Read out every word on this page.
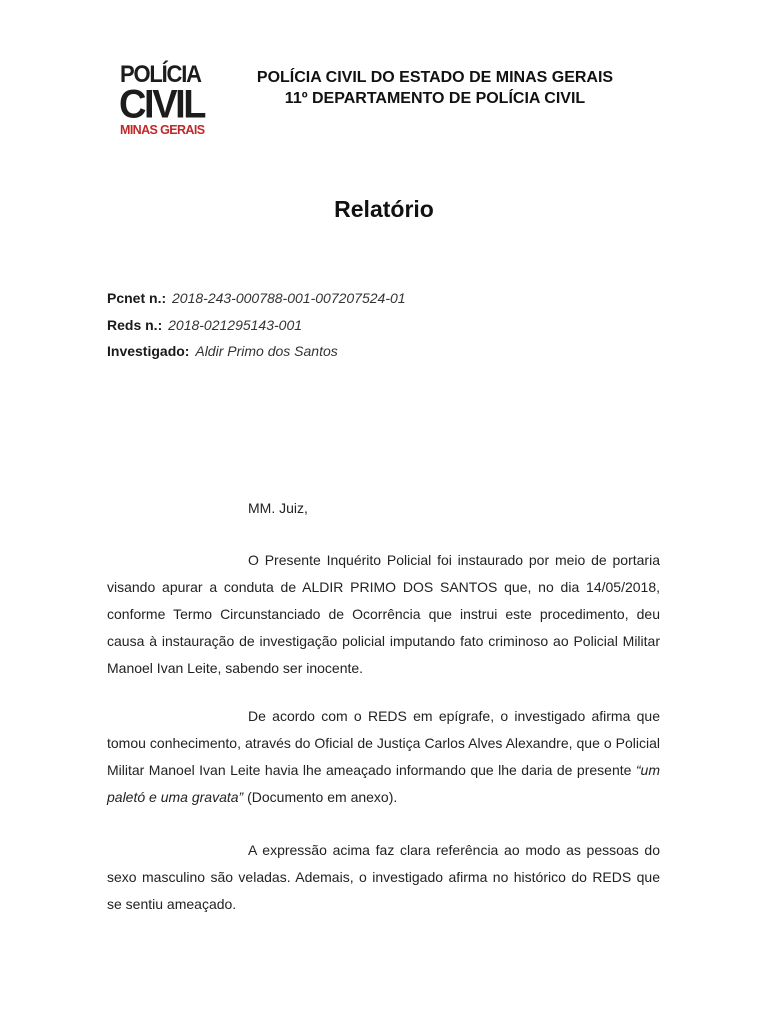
POLÍCIA
CIVIL
MINAS GERAIS
POLÍCIA CIVIL DO ESTADO DE MINAS GERAIS
11º DEPARTAMENTO DE POLÍCIA CIVIL
Relatório
Pcnet n.: 2018-243-000788-001-007207524-01
Reds n.: 2018-021295143-001
Investigado: Aldir Primo dos Santos
MM. Juiz,
O Presente Inquérito Policial foi instaurado por meio de portaria visando apurar a conduta de ALDIR PRIMO DOS SANTOS que, no dia 14/05/2018, conforme Termo Circunstanciado de Ocorrência que instrui este procedimento, deu causa à instauração de investigação policial imputando fato criminoso ao Policial Militar Manoel Ivan Leite, sabendo ser inocente.
De acordo com o REDS em epígrafe, o investigado afirma que tomou conhecimento, através do Oficial de Justiça Carlos Alves Alexandre, que o Policial Militar Manoel Ivan Leite havia lhe ameaçado informando que lhe daria de presente “um paletó e uma gravata” (Documento em anexo).
A expressão acima faz clara referência ao modo as pessoas do sexo masculino são veladas. Ademais, o investigado afirma no histórico do REDS que se sentiu ameaçado.
